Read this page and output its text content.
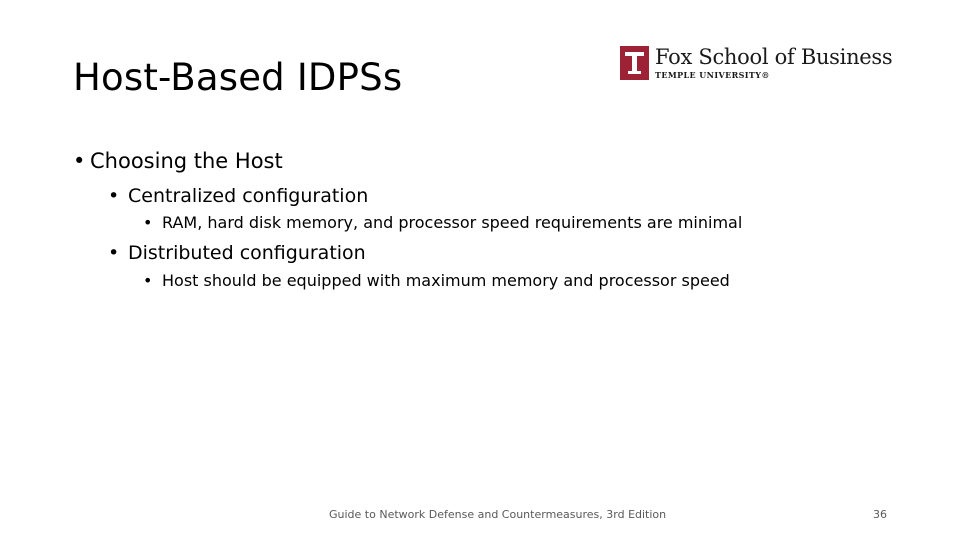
Host-Based IDPSs	Fox School of Business
TEMPLE UNIVERSITY®
• Choosing the Host
• Centralized configuration
• RAM, hard disk memory, and processor speed requirements are minimal
• Distributed configuration
• Host should be equipped with maximum memory and processor speed
Guide to Network Defense and Countermeasures, 3rd Edition	36
